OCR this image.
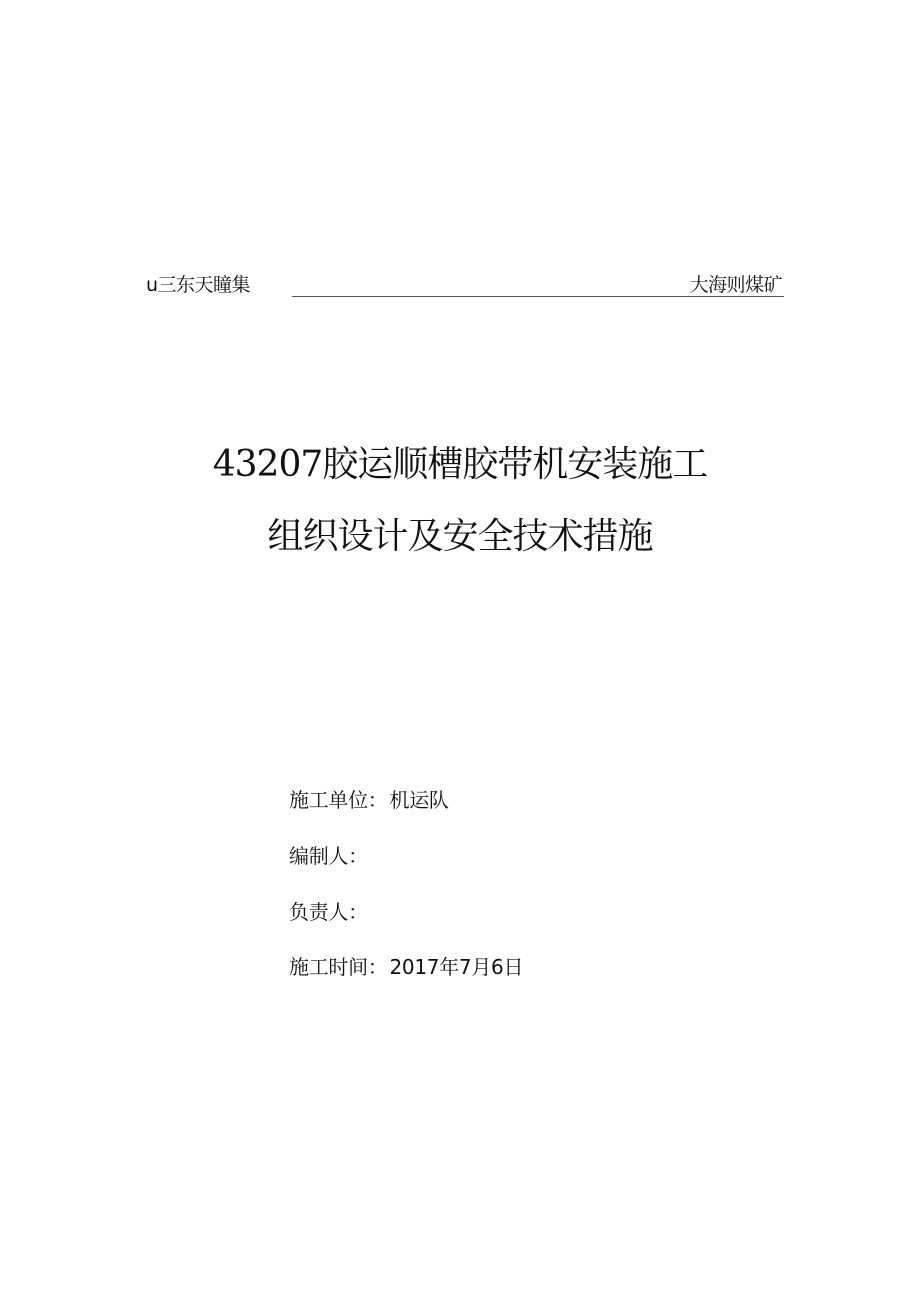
u三东天瞳集	大海则煤矿
43207胶运顺槽胶带机安装施工
组织设计及安全技术措施
施工单位： 机运队
编制人：
负责人：
施工时间： 2017年7月6日
